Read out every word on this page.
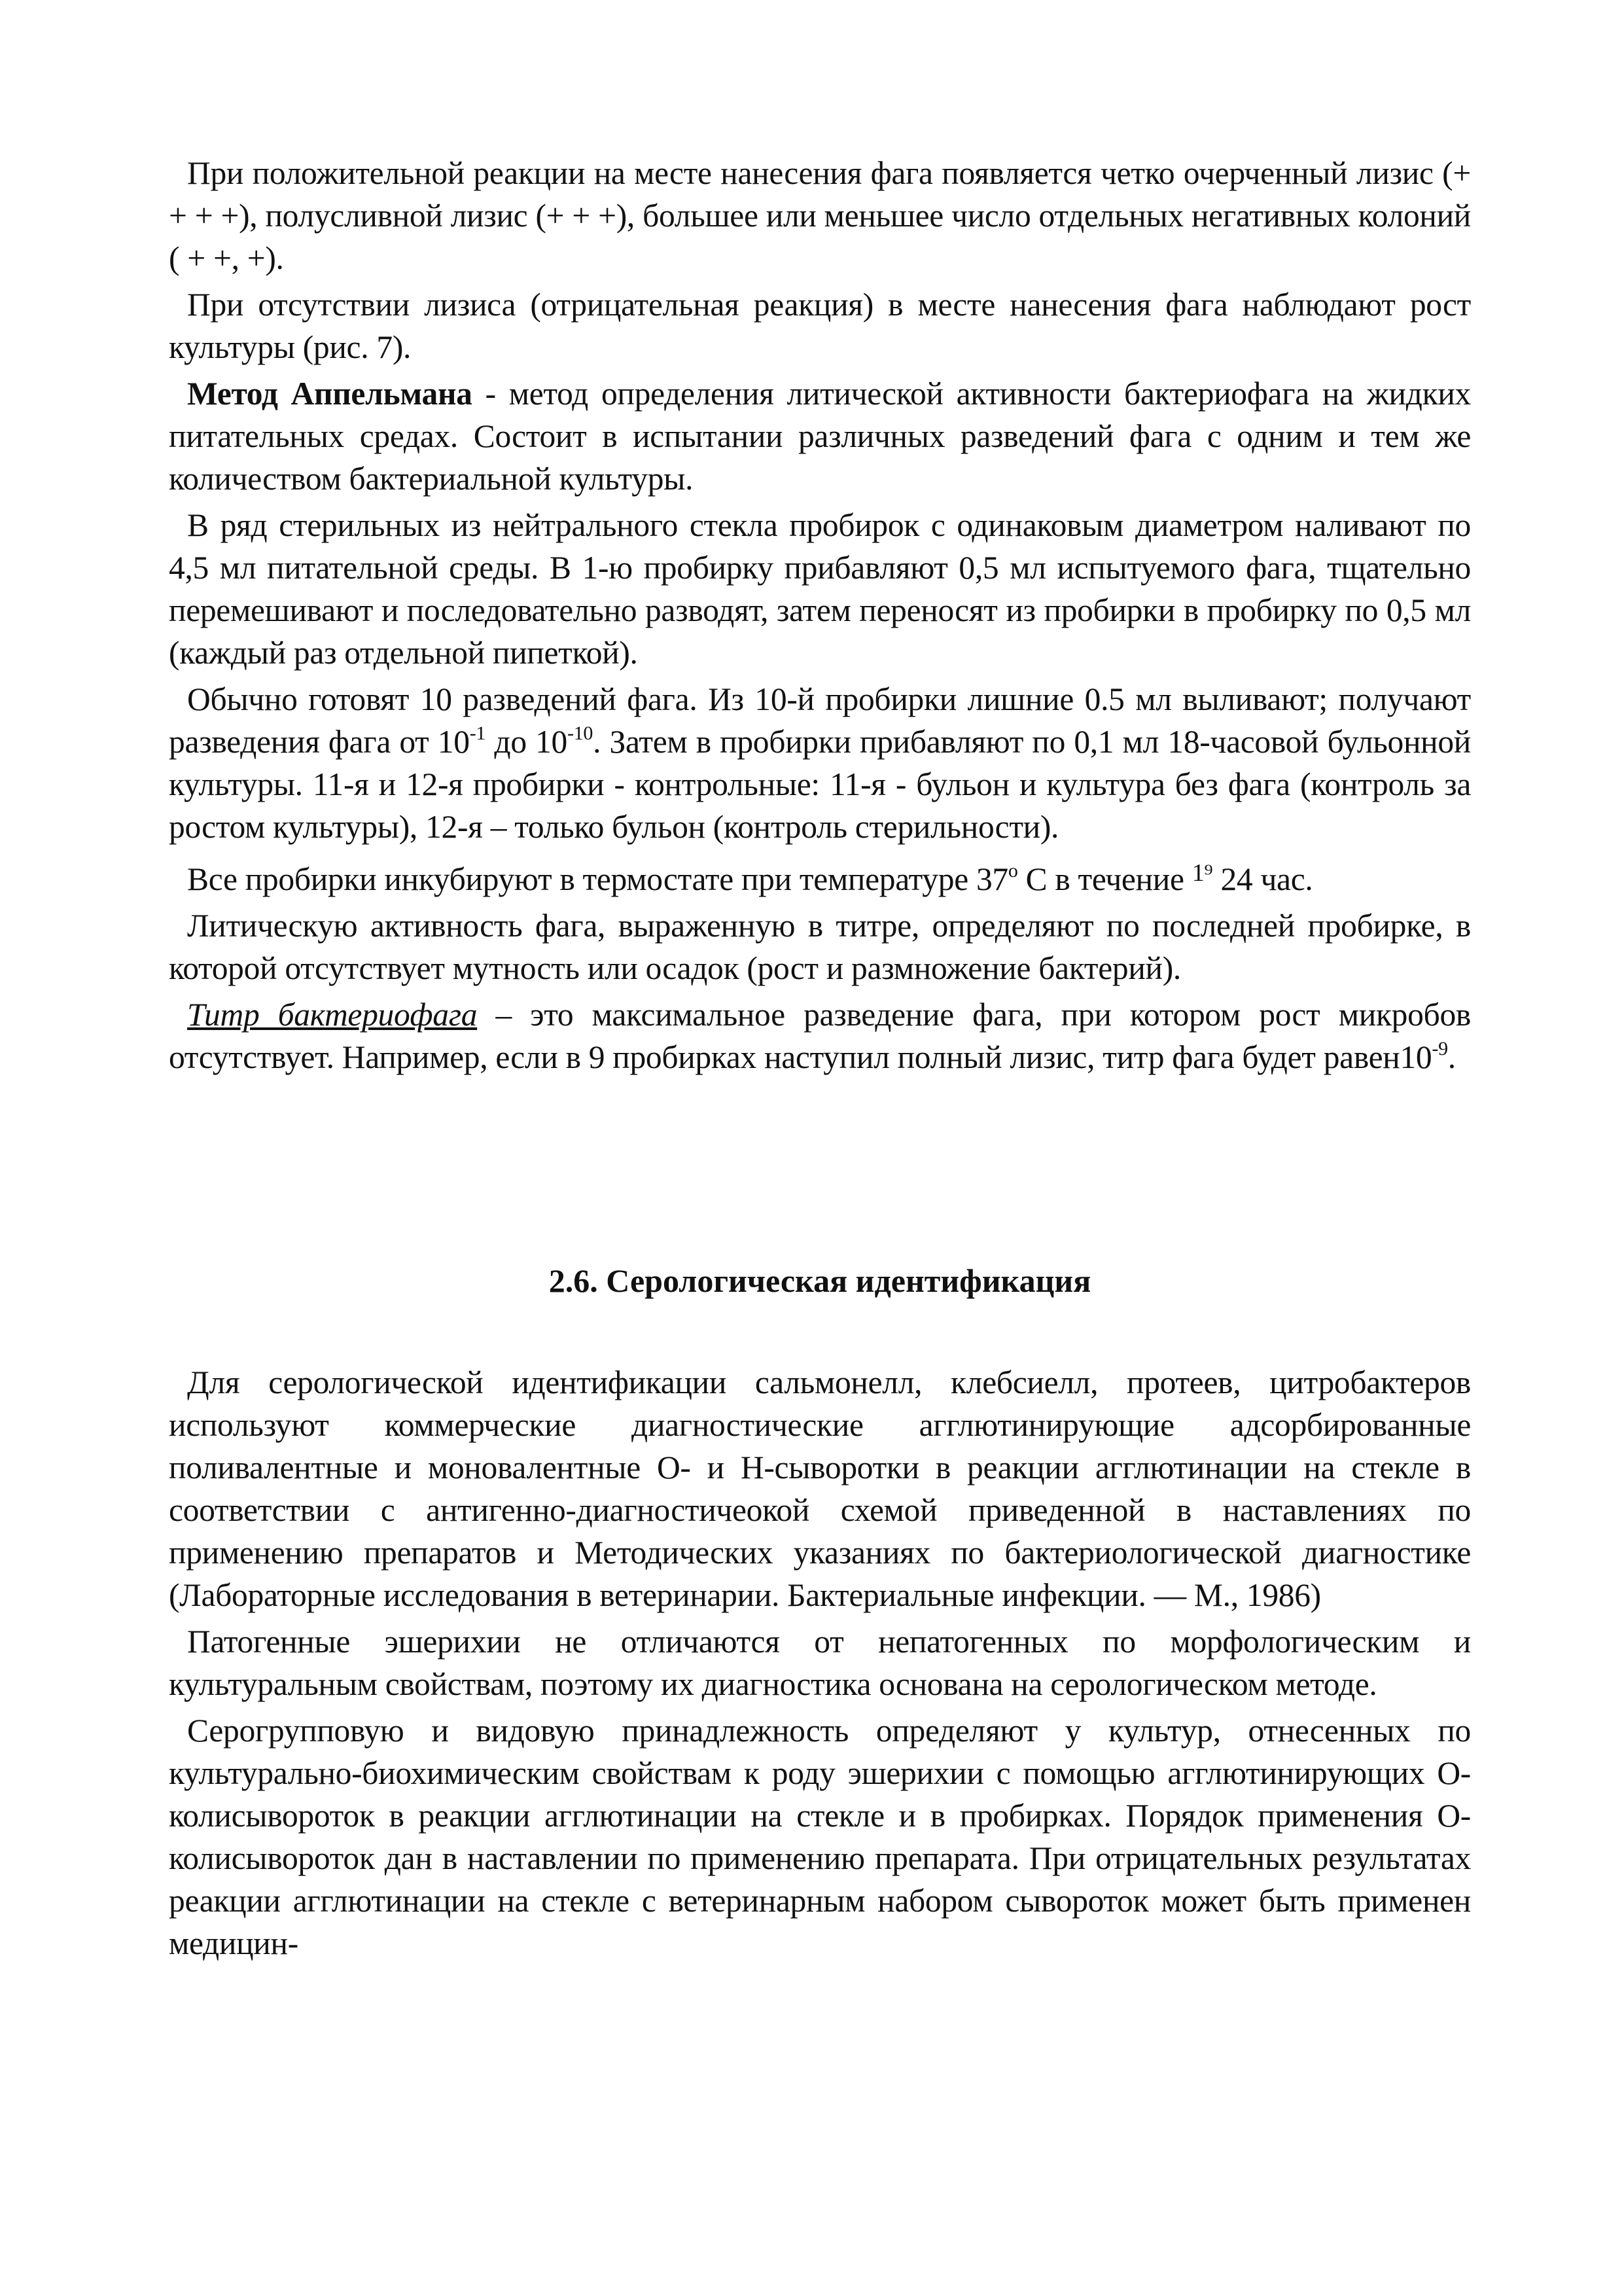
При положительной реакции на месте нанесения фага появляется четко очерченный лизис (+ + + +), полусливной лизис (+ + +), большее или меньшее число отдельных негативных колоний ( + +, +).

При отсутствии лизиса (отрицательная реакция) в месте нанесения фага наблюдают рост культуры (рис. 7).

Метод Аппельмана - метод определения литической активности бактериофага на жидких питательных средах. Состоит в испытании различных разведений фага с одним и тем же количеством бактериальной культуры.

В ряд стерильных из нейтрального стекла пробирок с одинаковым диаметром наливают по 4,5 мл питательной среды. В 1-ю пробирку прибавляют 0,5 мл испытуемого фага, тщательно перемешивают и последовательно разводят, затем переносят из пробирки в пробирку по 0,5 мл (каждый раз отдельной пипеткой).

Обычно готовят 10 разведений фага. Из 10-й пробирки лишние 0.5 мл выливают; получают разведения фага от $10^{-1}$ до $10^{-10}$. Затем в пробирки прибавляют по 0,1 мл 18-часовой бульонной культуры. 11-я и 12-я пробирки - контрольные: 11-я - бульон и культура без фага (контроль за ростом культуры), 12-я – только бульон (контроль стерильности).

Все пробирки инкубируют в термостате при температуре $37^о$ С в течение $^{1^9}$ 24 час.

Литическую активность фага, выраженную в титре, определяют по последней пробирке, в которой отсутствует мутность или осадок (рост и размножение бактерий).

Титр бактериофага – это максимальное разведение фага, при котором рост микробов отсутствует. Например, если в 9 пробирках наступил полный лизис, титр фага будет $равен10^{-9}$.

2.6. Серологическая идентификация

Для серологической идентификации сальмонелл, клебсиелл, протеев, цитробактеров используют коммерческие диагностические агглютинирующие адсорбированные поливалентные и моновалентные О- и Н-сыворотки в реакции агглютинации на стекле в соответствии с антигенно-диагностичеокой схемой приведенной в наставлениях по применению препаратов и Методических указаниях по бактериологической диагностике (Лабораторные исследования в ветеринарии. Бактериальные инфекции. — М., 1986)

Патогенные эшерихии не отличаются от непатогенных по морфологическим и культуральным свойствам, поэтому их диагностика основана на серологическом методе.

Серогрупповую и видовую принадлежность определяют у культур, отнесенных по культурально-биохимическим свойствам к роду эшерихии с помощью агглютинирующих О-колисывороток в реакции агглютинации на стекле и в пробирках. Порядок применения О-колисывороток дан в наставлении по применению препарата. При отрицательных результатах реакции агглютинации на стекле с ветеринарным набором сывороток может быть применен медицин-
